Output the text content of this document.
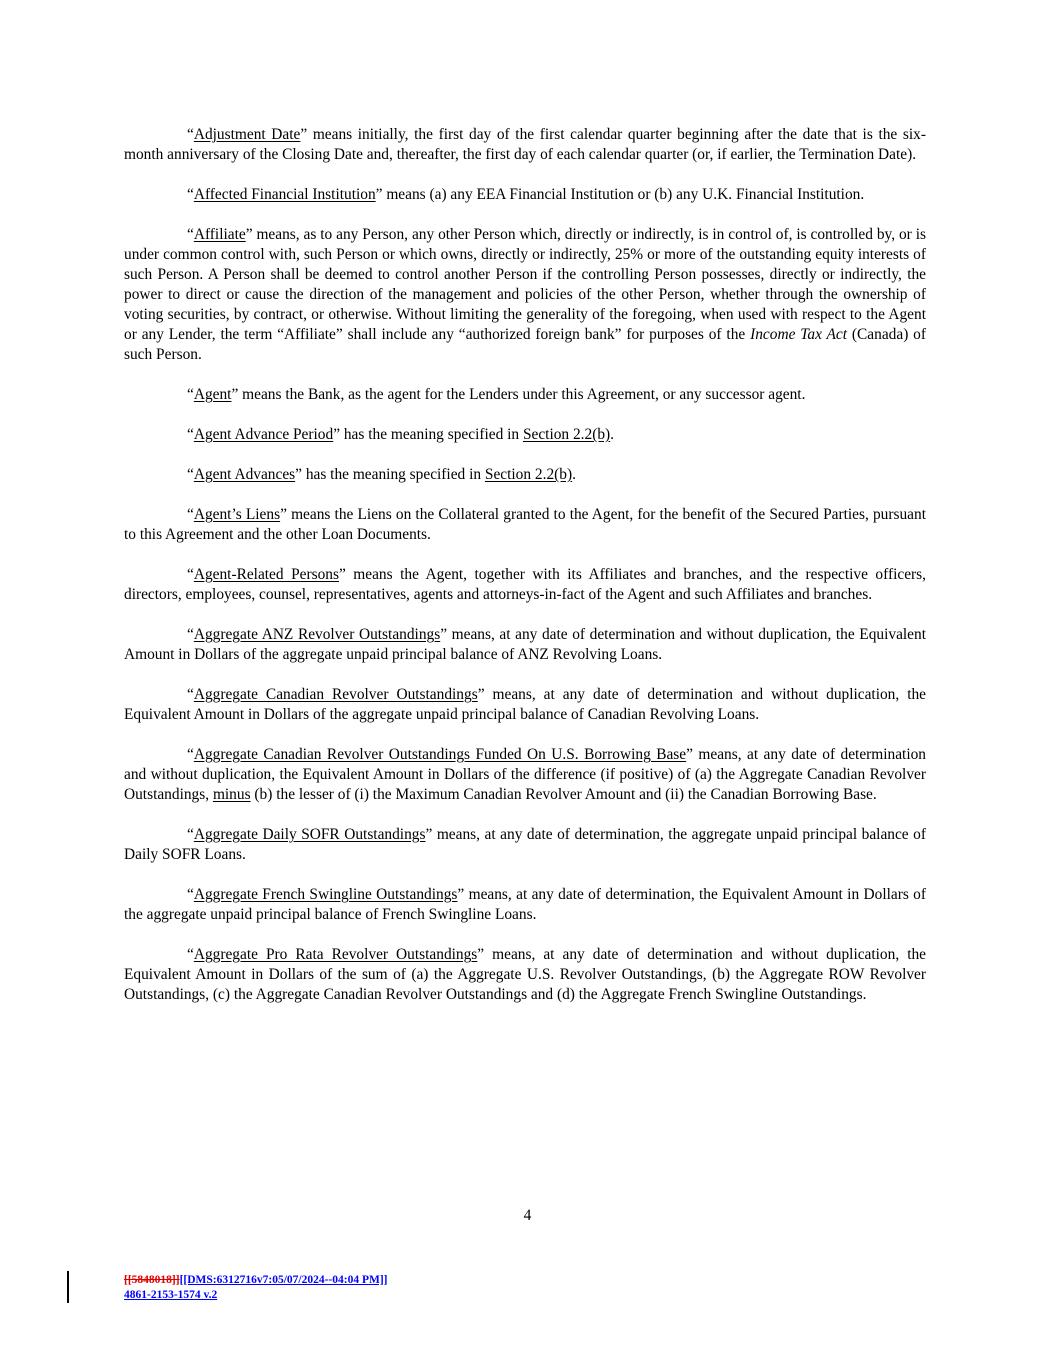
“Adjustment Date” means initially, the first day of the first calendar quarter beginning after the date that is the six-month anniversary of the Closing Date and, thereafter, the first day of each calendar quarter (or, if earlier, the Termination Date).

“Affected Financial Institution” means (a) any EEA Financial Institution or (b) any U.K. Financial Institution.

“Affiliate” means, as to any Person, any other Person which, directly or indirectly, is in control of, is controlled by, or is under common control with, such Person or which owns, directly or indirectly, 25% or more of the outstanding equity interests of such Person. A Person shall be deemed to control another Person if the controlling Person possesses, directly or indirectly, the power to direct or cause the direction of the management and policies of the other Person, whether through the ownership of voting securities, by contract, or otherwise. Without limiting the generality of the foregoing, when used with respect to the Agent or any Lender, the term “Affiliate” shall include any “authorized foreign bank” for purposes of the Income Tax Act (Canada) of such Person.

“Agent” means the Bank, as the agent for the Lenders under this Agreement, or any successor agent.

“Agent Advance Period” has the meaning specified in Section 2.2(b).

“Agent Advances” has the meaning specified in Section 2.2(b).

“Agent’s Liens” means the Liens on the Collateral granted to the Agent, for the benefit of the Secured Parties, pursuant to this Agreement and the other Loan Documents.

“Agent-Related Persons” means the Agent, together with its Affiliates and branches, and the respective officers, directors, employees, counsel, representatives, agents and attorneys-in-fact of the Agent and such Affiliates and branches.

“Aggregate ANZ Revolver Outstandings” means, at any date of determination and without duplication, the Equivalent Amount in Dollars of the aggregate unpaid principal balance of ANZ Revolving Loans.

“Aggregate Canadian Revolver Outstandings” means, at any date of determination and without duplication, the Equivalent Amount in Dollars of the aggregate unpaid principal balance of Canadian Revolving Loans.

“Aggregate Canadian Revolver Outstandings Funded On U.S. Borrowing Base” means, at any date of determination and without duplication, the Equivalent Amount in Dollars of the difference (if positive) of (a) the Aggregate Canadian Revolver Outstandings, minus (b) the lesser of (i) the Maximum Canadian Revolver Amount and (ii) the Canadian Borrowing Base.

“Aggregate Daily SOFR Outstandings” means, at any date of determination, the aggregate unpaid principal balance of Daily SOFR Loans.

“Aggregate French Swingline Outstandings” means, at any date of determination, the Equivalent Amount in Dollars of the aggregate unpaid principal balance of French Swingline Loans.

“Aggregate Pro Rata Revolver Outstandings” means, at any date of determination and without duplication, the Equivalent Amount in Dollars of the sum of (a) the Aggregate U.S. Revolver Outstandings, (b) the Aggregate ROW Revolver Outstandings, (c) the Aggregate Canadian Revolver Outstandings and (d) the Aggregate French Swingline Outstandings.

4
[[5848018]][[DMS:6312716v7:05/07/2024--04:04 PM]]
4861-2153-1574 v.2
